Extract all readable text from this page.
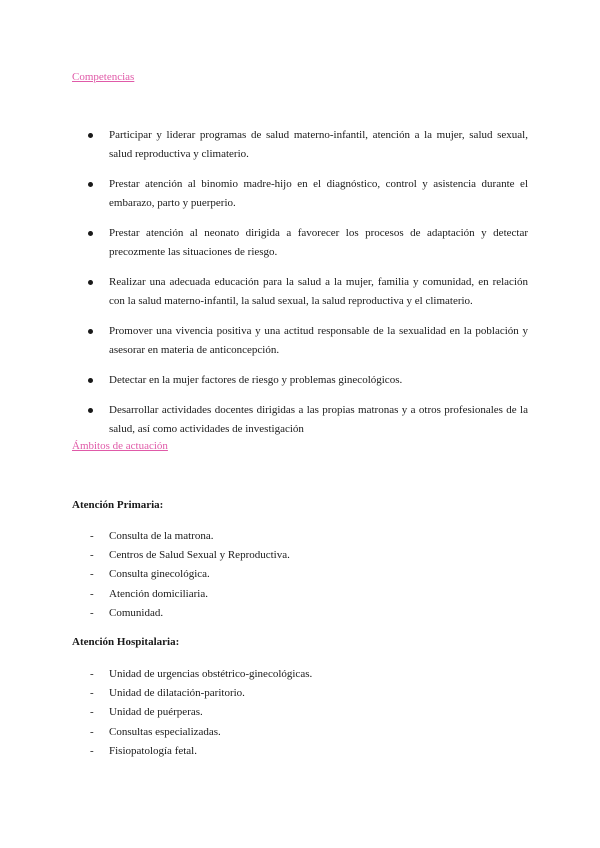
Competencias
Participar y liderar programas de salud materno-infantil, atención a la mujer, salud sexual, salud reproductiva y climaterio.
Prestar atención al binomio madre-hijo en el diagnóstico, control y asistencia durante el embarazo, parto y puerperio.
Prestar atención al neonato dirigida a favorecer los procesos de adaptación y detectar precozmente las situaciones de riesgo.
Realizar una adecuada educación para la salud a la mujer, familia y comunidad, en relación con la salud materno-infantil, la salud sexual, la salud reproductiva y el climaterio.
Promover una vivencia positiva y una actitud responsable de la sexualidad en la población y asesorar en materia de anticoncepción.
Detectar en la mujer factores de riesgo y problemas ginecológicos.
Desarrollar actividades docentes dirigidas a las propias matronas y a otros profesionales de la salud, así como actividades de investigación
Ámbitos de actuación
Atención Primaria:
- Consulta de la matrona.
- Centros de Salud Sexual y Reproductiva.
- Consulta ginecológica.
- Atención domiciliaria.
- Comunidad.
Atención Hospitalaria:
- Unidad de urgencias obstétrico-ginecológicas.
- Unidad de dilatación-paritorio.
- Unidad de puérperas.
- Consultas especializadas.
- Fisiopatología fetal.
